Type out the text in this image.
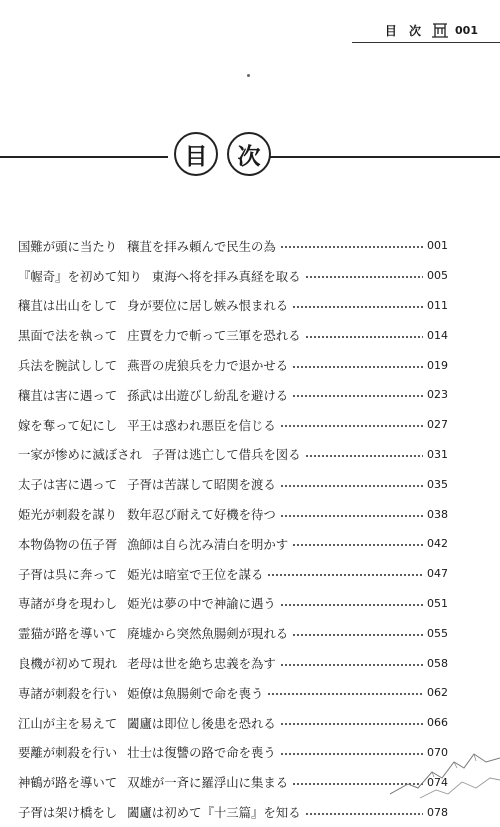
目 次	001
目	次
国難が頭に当たり 穰苴を拝み頼んで民生の為	001
『幄奇』を初めて知り 東海へ将を拝み真経を取る	005
穰苴は出山をして 身が要位に居し嫉み恨まれる	011
黒面で法を執って 庄賈を力で斬って三軍を恐れる	014
兵法を腕試しして 燕晋の虎狼兵を力で退かせる	019
穰苴は害に遇って 孫武は出遊びし紛乱を避ける	023
嫁を奪って妃にし 平王は惑われ悪臣を信じる	027
一家が惨めに滅ぼされ 子胥は逃亡して借兵を図る	031
太子は害に遇って 子胥は苦謀して昭関を渡る	035
姫光が刺殺を謀り 数年忍び耐えて好機を待つ	038
本物偽物の伍子胥 漁師は自ら沈み清白を明かす	042
子胥は呉に奔って 姫光は暗室で王位を謀る	047
専諸が身を現わし 姫光は夢の中で神諭に遇う	051
霊猫が路を導いて 廃墟から突然魚腸剣が現れる	055
良機が初めて現れ 老母は世を絶ち忠義を為す	058
専諸が刺殺を行い 姫僚は魚腸剣で命を喪う	062
江山が主を易えて 闔廬は即位し後患を恐れる	066
要離が刺殺を行い 壮士は復讐の路で命を喪う	070
神鶴が路を導いて 双雄が一斉に羅浮山に集まる	074
子胥は架け橋をし 闔廬は初めて『十三篇』を知る	078
